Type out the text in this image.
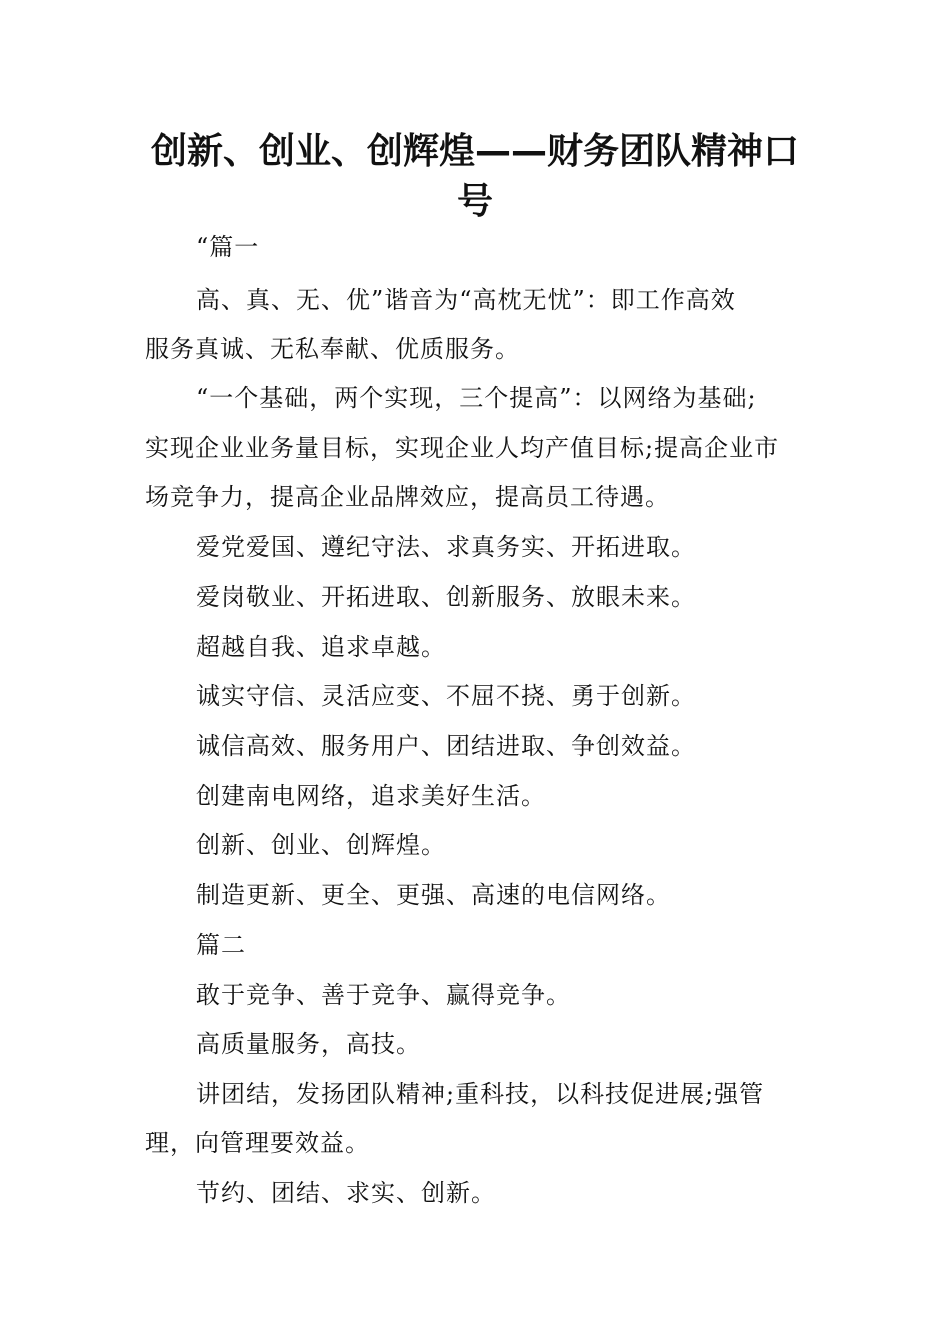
创新、创业、创辉煌——财务团队精神口
号
“篇一
高、真、无、优”谐音为“高枕无忧”：即工作高效
服务真诚、无私奉献、优质服务。
“一个基础，两个实现，三个提高”：以网络为基础;
实现企业业务量目标，实现企业人均产值目标;提高企业市
场竞争力，提高企业品牌效应，提高员工待遇。
爱党爱国、遵纪守法、求真务实、开拓进取。
爱岗敬业、开拓进取、创新服务、放眼未来。
超越自我、追求卓越。
诚实守信、灵活应变、不屈不挠、勇于创新。
诚信高效、服务用户、团结进取、争创效益。
创建南电网络，追求美好生活。
创新、创业、创辉煌。
制造更新、更全、更强、高速的电信网络。
篇二
敢于竞争、善于竞争、赢得竞争。
高质量服务，高技。
讲团结，发扬团队精神;重科技，以科技促进展;强管
理，向管理要效益。
节约、团结、求实、创新。
